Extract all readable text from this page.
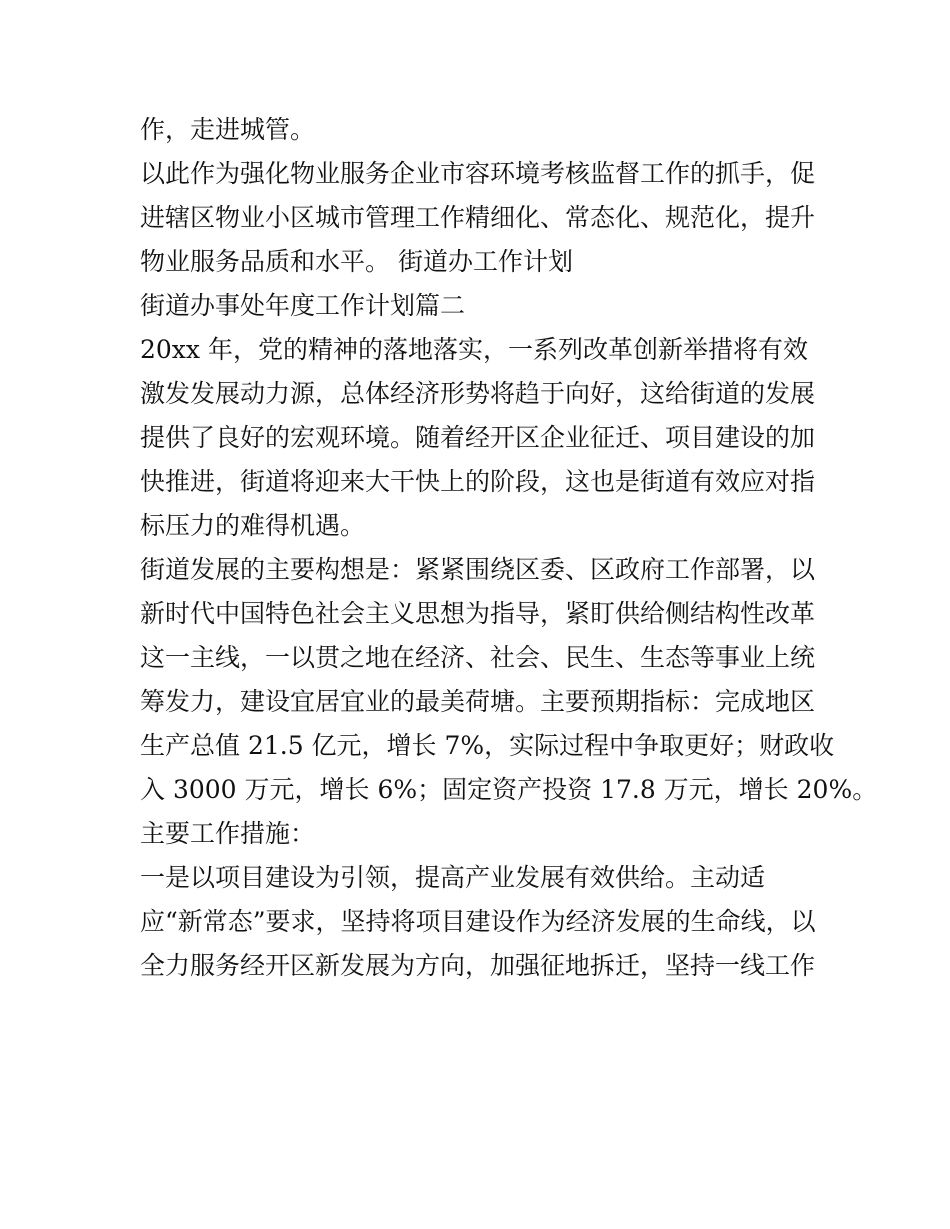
作，走进城管。
以此作为强化物业服务企业市容环境考核监督工作的抓手，促
进辖区物业小区城市管理工作精细化、常态化、规范化，提升
物业服务品质和水平。 街道办工作计划
街道办事处年度工作计划篇二
20xx 年，党的精神的落地落实，一系列改革创新举措将有效
激发发展动力源，总体经济形势将趋于向好，这给街道的发展
提供了良好的宏观环境。随着经开区企业征迁、项目建设的加
快推进，街道将迎来大干快上的阶段，这也是街道有效应对指
标压力的难得机遇。
街道发展的主要构想是：紧紧围绕区委、区政府工作部署，以
新时代中国特色社会主义思想为指导，紧盯供给侧结构性改革
这一主线，一以贯之地在经济、社会、民生、生态等事业上统
筹发力，建设宜居宜业的最美荷塘。主要预期指标：完成地区
生产总值 21.5 亿元，增长 7%，实际过程中争取更好；财政收
入 3000 万元，增长 6%；固定资产投资 17.8 万元，增长 20%。
主要工作措施：
一是以项目建设为引领，提高产业发展有效供给。主动适
应“新常态”要求，坚持将项目建设作为经济发展的生命线，以
全力服务经开区新发展为方向，加强征地拆迁，坚持一线工作
